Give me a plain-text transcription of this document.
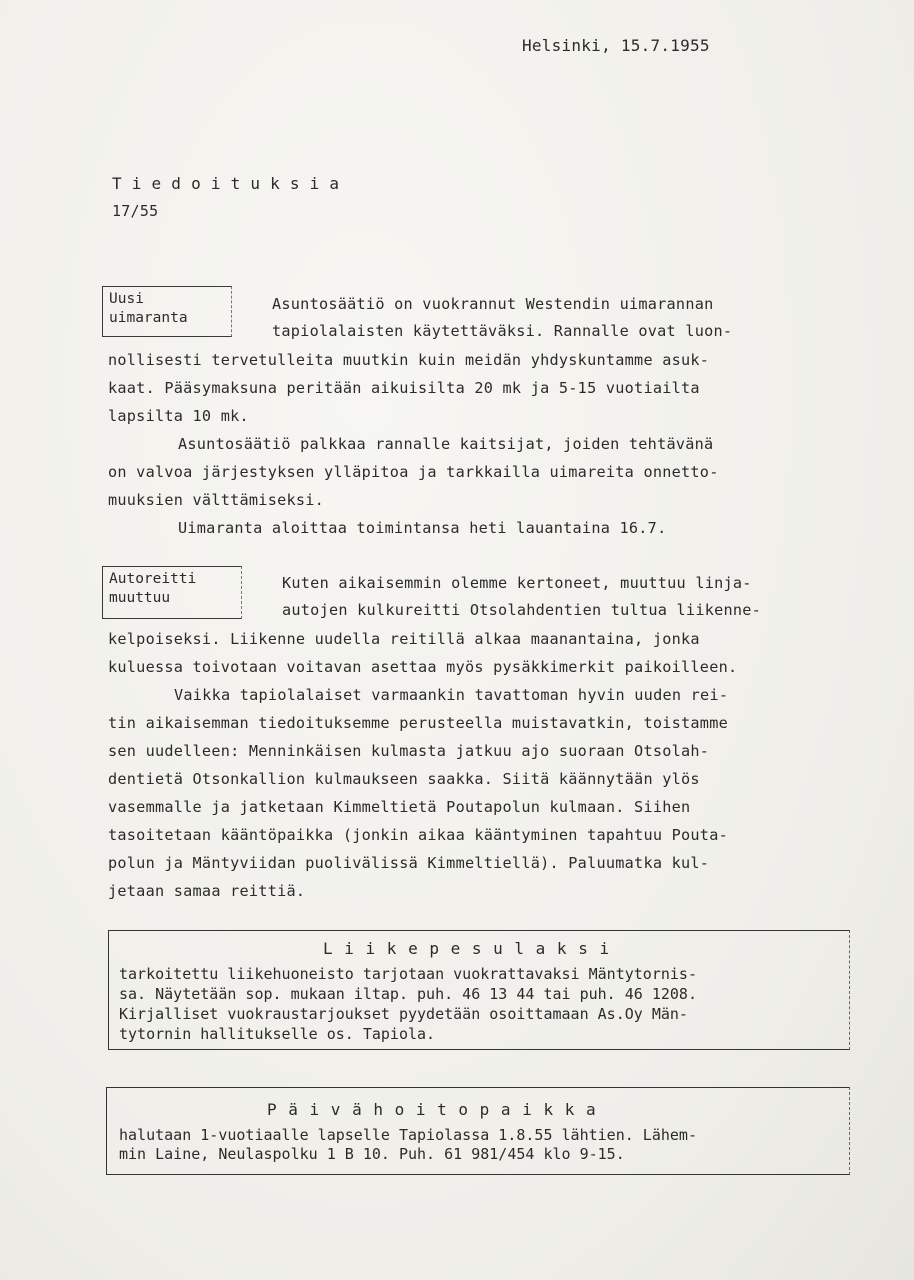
Helsinki, 15.7.1955
T i e d o i t u k s i a
17/55
Uusi
uimaranta
Asuntosäätiö on vuokrannut Westendin uimarannan
tapiolalaisten käytettäväksi. Rannalle ovat luon-
nollisesti tervetulleita muutkin kuin meidän yhdyskuntamme asuk-
kaat. Pääsymaksuna peritään aikuisilta 20 mk ja 5-15 vuotiailta
lapsilta 10 mk.
Asuntosäätiö palkkaa rannalle kaitsijat, joiden tehtävänä
on valvoa järjestyksen ylläpitoa ja tarkkailla uimareita onnetto-
muuksien välttämiseksi.
Uimaranta aloittaa toimintansa heti lauantaina 16.7.
Autoreitti
muuttuu
Kuten aikaisemmin olemme kertoneet, muuttuu linja-
autojen kulkureitti Otsolahdentien tultua liikenne-
kelpoiseksi. Liikenne uudella reitillä alkaa maanantaina, jonka
kuluessa toivotaan voitavan asettaa myös pysäkkimerkit paikoilleen.
Vaikka tapiolalaiset varmaankin tavattoman hyvin uuden rei-
tin aikaisemman tiedoituksemme perusteella muistavatkin, toistamme
sen uudelleen: Menninkäisen kulmasta jatkuu ajo suoraan Otsolah-
dentietä Otsonkallion kulmaukseen saakka. Siitä käännytään ylös
vasemmalle ja jatketaan Kimmeltietä Poutapolun kulmaan. Siihen
tasoitetaan kääntöpaikka (jonkin aikaa kääntyminen tapahtuu Pouta-
polun ja Mäntyviidan puolivälissä Kimmeltiellä). Paluumatka kul-
jetaan samaa reittiä.
L i i k e p e s u l a k s i
tarkoitettu liikehuoneisto tarjotaan vuokrattavaksi Mäntytornis-
sa. Näytetään sop. mukaan iltap. puh. 46 13 44 tai puh. 46 1208.
Kirjalliset vuokraustarjoukset pyydetään osoittamaan As.Oy Män-
tytornin hallitukselle os. Tapiola.
P ä i v ä h o i t o p a i k k a
halutaan 1-vuotiaalle lapselle Tapiolassa 1.8.55 lähtien. Lähem-
min Laine, Neulaspolku 1 B 10. Puh. 61 981/454 klo 9-15.
